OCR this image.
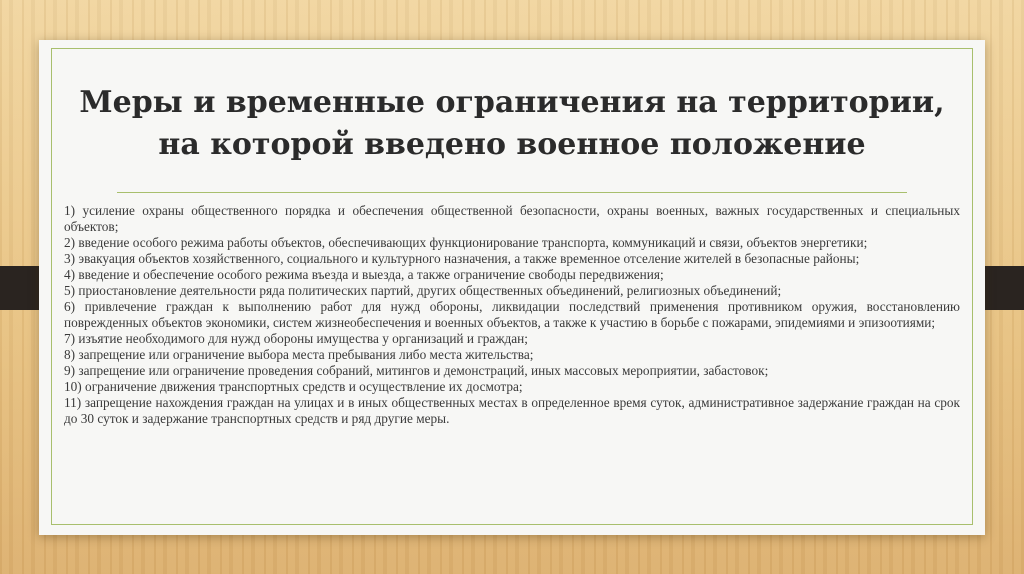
Меры и временные ограничения на территории, на которой введено военное положение

1) усиление охраны общественного порядка и обеспечения общественной безопасности, охраны военных, важных государственных и специальных объектов;

2) введение особого режима работы объектов, обеспечивающих функционирование транспорта, коммуникаций и связи, объектов энергетики;

3) эвакуация объектов хозяйственного, социального и культурного назначения, а также временное отселение жителей в безопасные районы;

4) введение и обеспечение особого режима въезда и выезда, а также ограничение свободы передвижения;

5) приостановление деятельности ряда политических партий, других общественных объединений, религиозных объединений;

6) привлечение граждан к выполнению работ для нужд обороны, ликвидации последствий применения противником оружия, восстановлению поврежденных объектов экономики, систем жизнеобеспечения и военных объектов, а также к участию в борьбе с пожарами, эпидемиями и эпизоотиями;

7) изъятие необходимого для нужд обороны имущества у организаций и граждан;

8) запрещение или ограничение выбора места пребывания либо места жительства;

9) запрещение или ограничение проведения собраний, митингов и демонстраций, иных массовых мероприятии, забастовок;

10) ограничение движения транспортных средств и осуществление их досмотра;

11) запрещение нахождения граждан на улицах и в иных общественных местах в определенное время суток, административное задержание граждан на срок до 30 суток и задержание транспортных средств и ряд другие меры.
